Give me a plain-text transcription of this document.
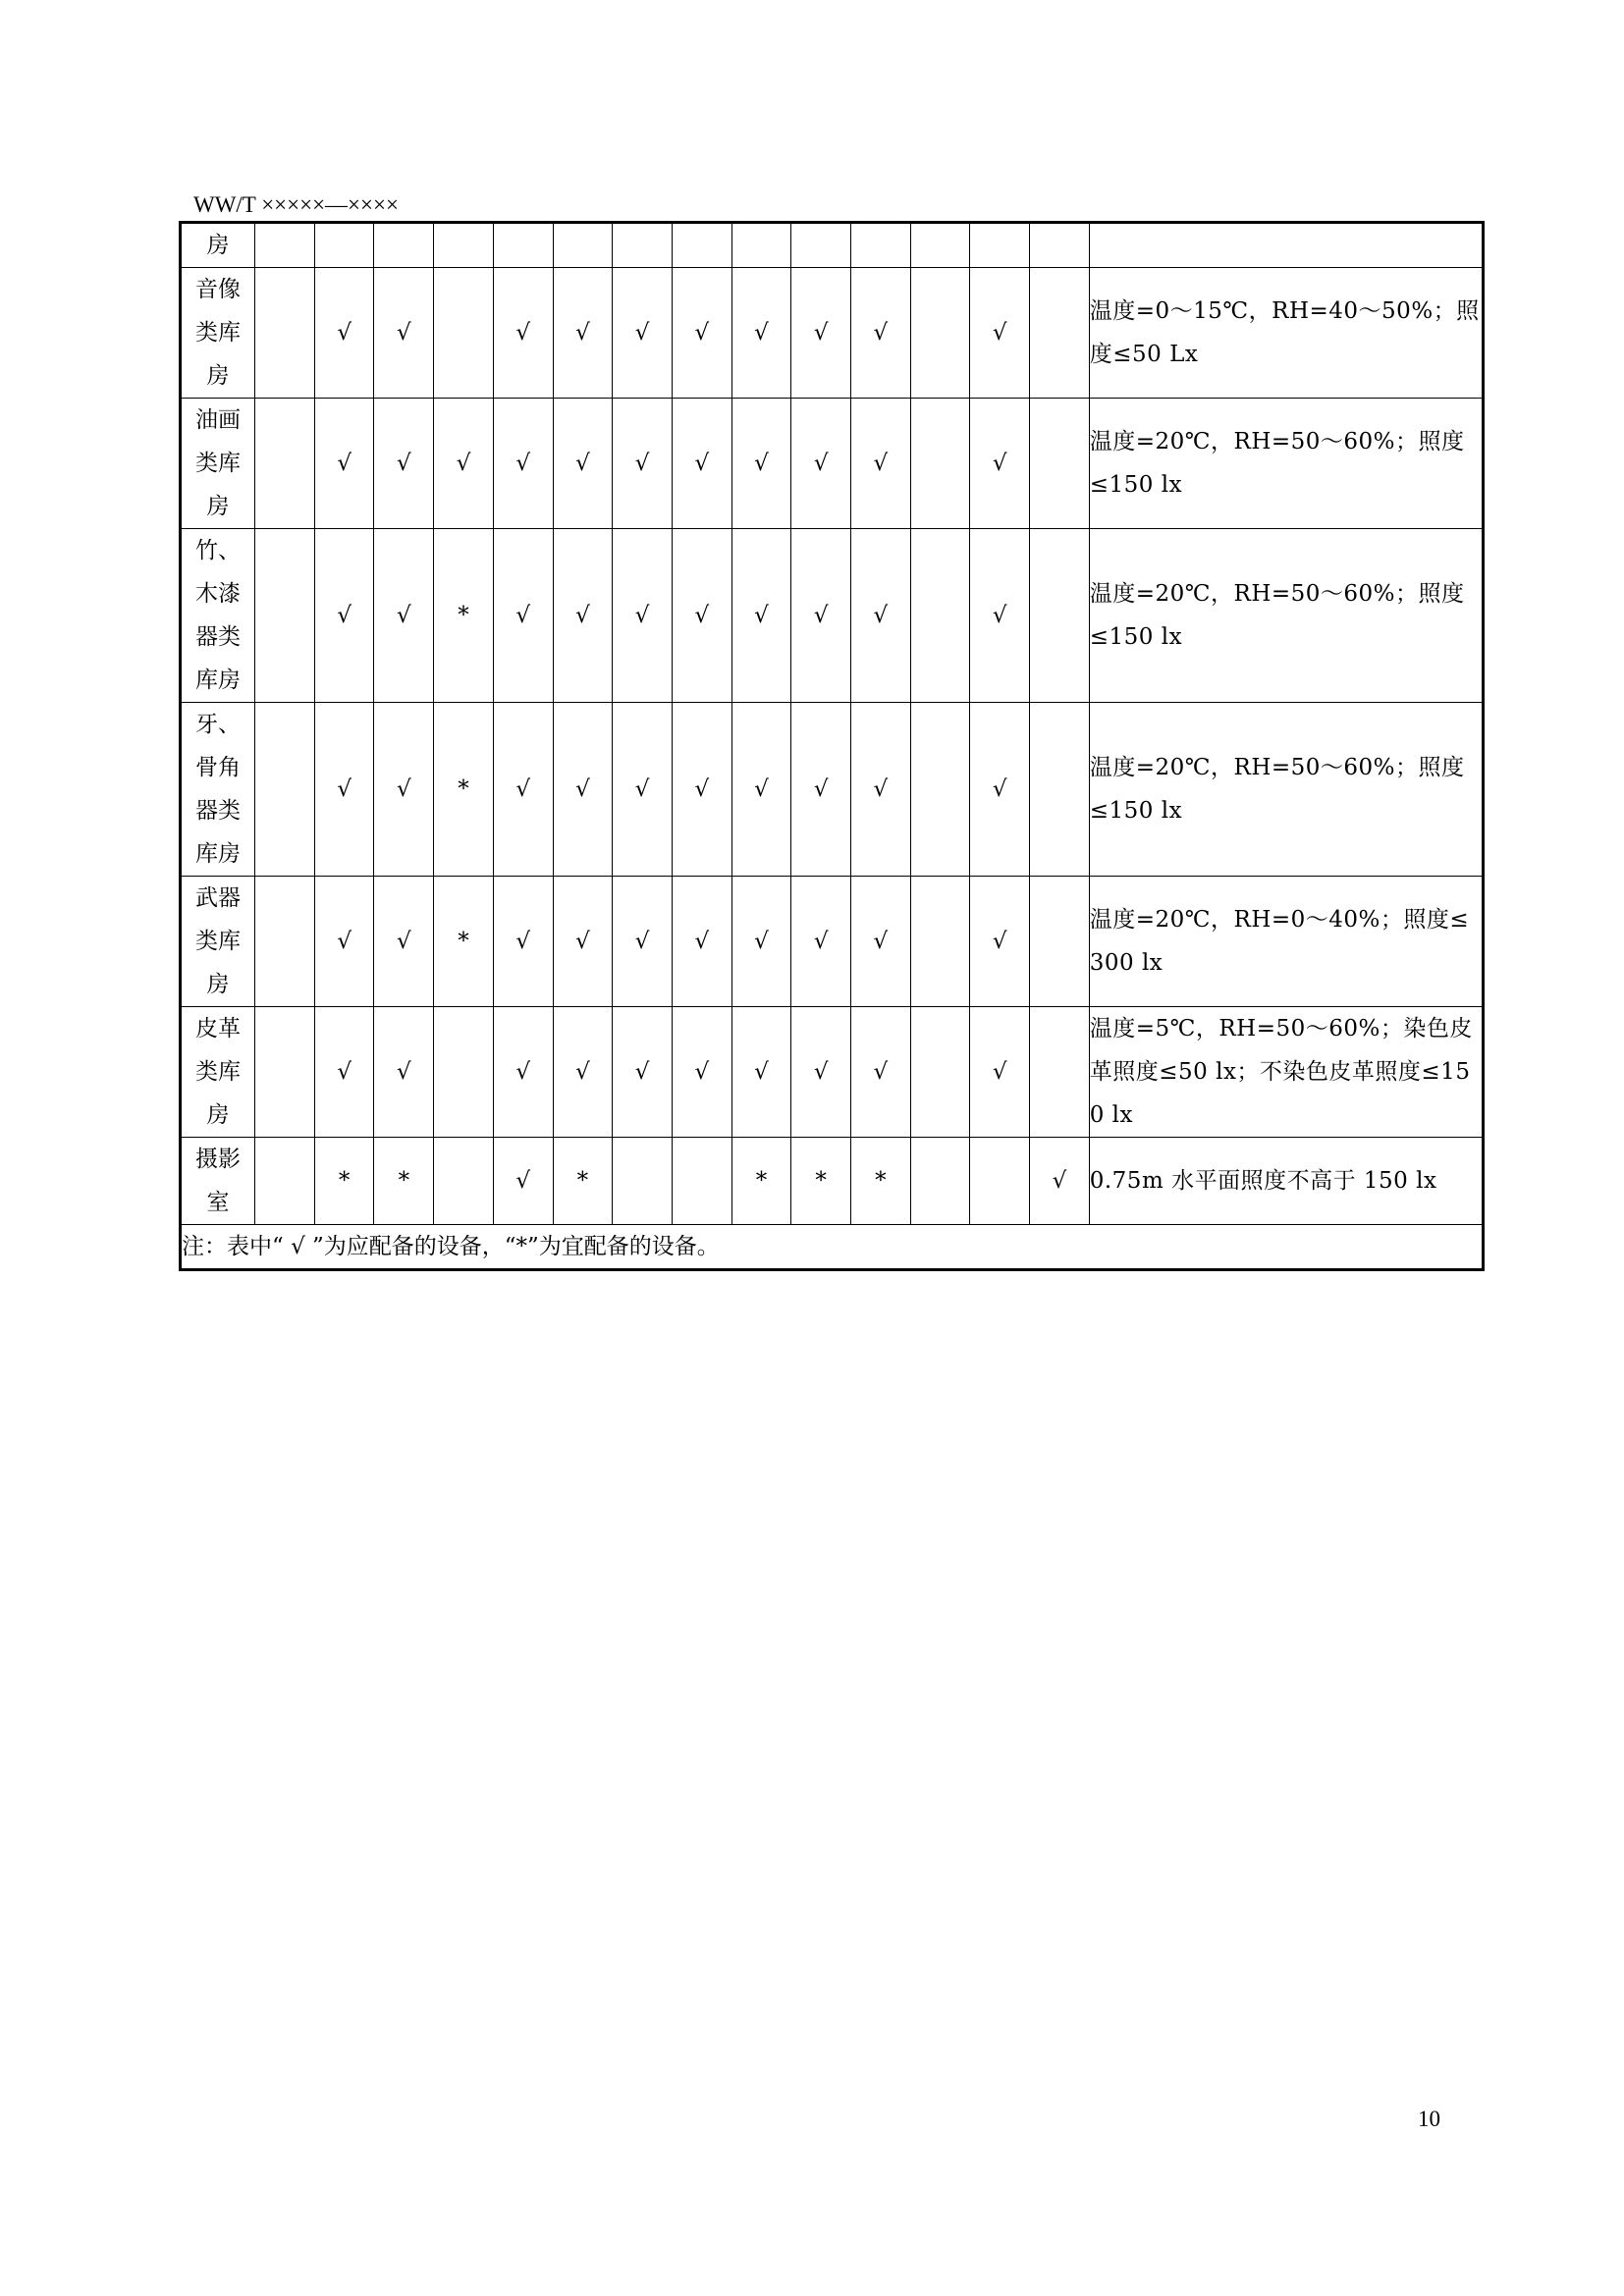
WW/T ×××××—××××
房															
音像类库房		√	√		√	√	√	√	√	√	√		√		温度=0～15℃，RH=40～50%；照度≤50 Lx
油画类库房		√	√	√	√	√	√	√	√	√	√		√		温度=20℃，RH=50～60%；照度≤150 lx
竹、木漆器类库房		√	√	*	√	√	√	√	√	√	√		√		温度=20℃，RH=50～60%；照度≤150 lx
牙、骨角器类库房		√	√	*	√	√	√	√	√	√	√		√		温度=20℃，RH=50～60%；照度≤150 lx
武器类库房		√	√	*	√	√	√	√	√	√	√		√		温度=20℃，RH=0～40%；照度≤300 lx
皮革类库房		√	√		√	√	√	√	√	√	√		√		温度=5℃，RH=50～60%；染色皮革照度≤50 lx；不染色皮革照度≤150 lx
摄影室		*	*		√	*			*	*	*			√	0.75m 水平面照度不高于 150 lx
注：表中“ √ ”为应配备的设备，“*”为宜配备的设备。															
10
